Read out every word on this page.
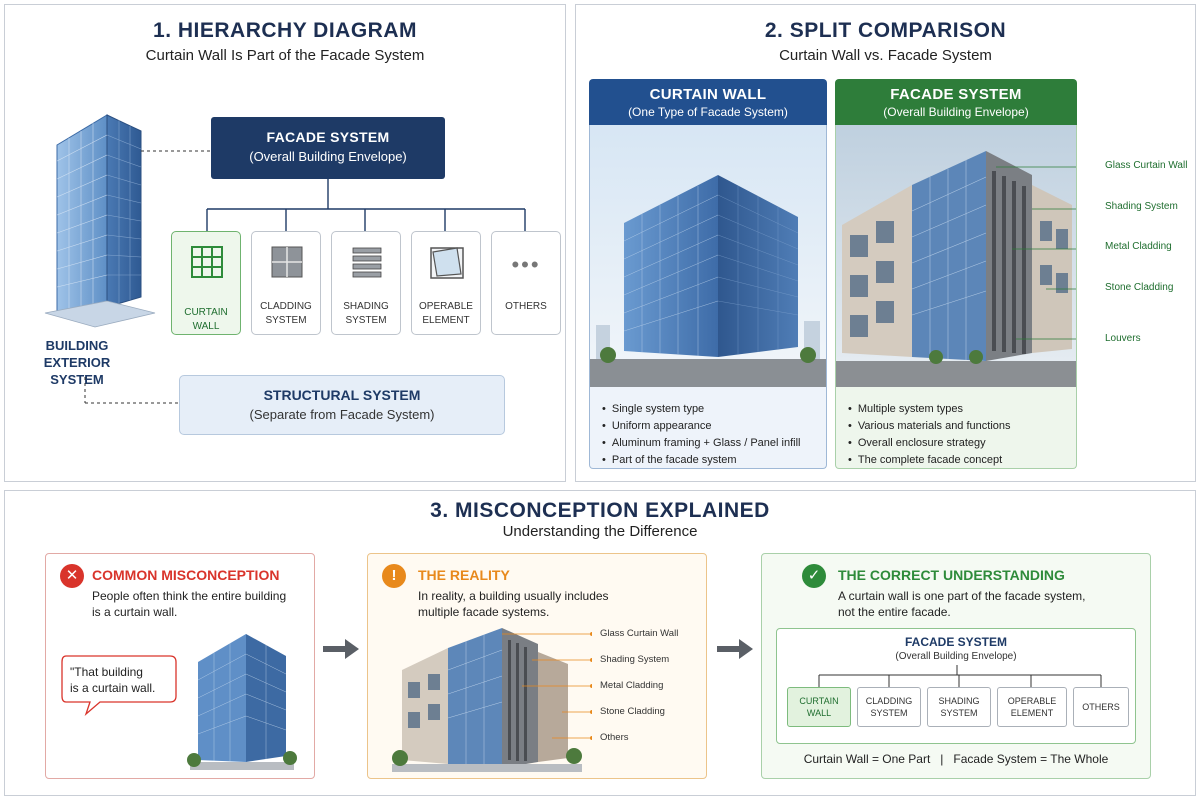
1. HIERARCHY DIAGRAM
Curtain Wall Is Part of the Facade System
BUILDING
EXTERIOR SYSTEM
FACADE SYSTEM
(Overall Building Envelope)
CURTAIN WALL
CLADDING
SYSTEM
SHADING
SYSTEM
OPERABLE
ELEMENT
•••
OTHERS
STRUCTURAL SYSTEM
(Separate from Facade System)
2. SPLIT COMPARISON
Curtain Wall vs. Facade System
CURTAIN WALL
(One Type of Facade System)
• Single system type
• Uniform appearance
• Aluminum framing + Glass / Panel infill
• Part of the facade system
FACADE SYSTEM
(Overall Building Envelope)
• Multiple system types
• Various materials and functions
• Overall enclosure strategy
• The complete facade concept
Glass Curtain Wall
Shading System
Metal Cladding
Stone Cladding
Louvers
3. MISCONCEPTION EXPLAINED
Understanding the Difference
✕ COMMON MISCONCEPTION
People often think the entire building
is a curtain wall.
"That building
is a curtain wall.
!	THE REALITY
In reality, a building usually includes
multiple facade systems.
Glass Curtain Wall
Shading System
Metal Cladding
Stone Cladding
Others
✓	THE CORRECT UNDERSTANDING
A curtain wall is one part of the facade system,
not the entire facade.
FACADE SYSTEM
(Overall Building Envelope)
CURTAIN WALL
CLADDING
SYSTEM
SHADING
SYSTEM
OPERABLE
ELEMENT
OTHERS
Curtain Wall = One Part   |   Facade System = The Whole
